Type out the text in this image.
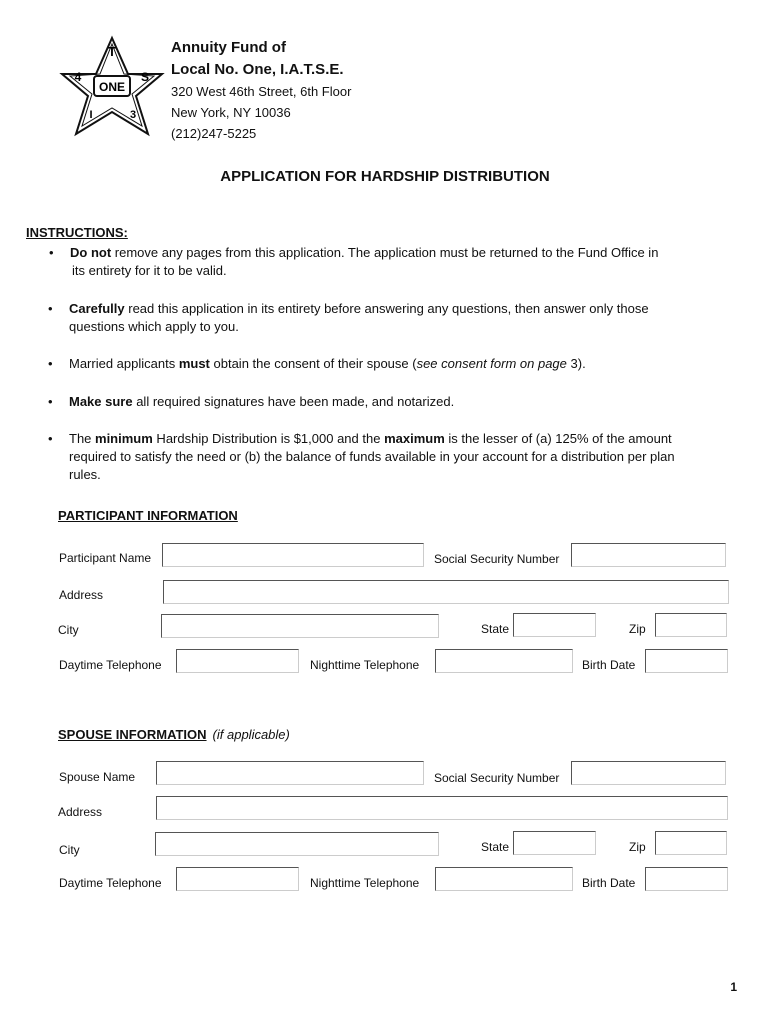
ONE
T
4	S
I	3
Annuity Fund of
Local No. One, I.A.T.S.E.
320 West 46th Street, 6th Floor
New York, NY 10036
(212)247-5225
APPLICATION FOR HARDSHIP DISTRIBUTION
INSTRUCTIONS:
• Do not remove any pages from this application. The application must be returned to the Fund Office in
its entirety for it to be valid.
• Carefully read this application in its entirety before answering any questions, then answer only those
questions which apply to you.
• Married applicants must obtain the consent of their spouse (see consent form on page 3).
• Make sure all required signatures have been made, and notarized.
• The minimum Hardship Distribution is $1,000 and the maximum is the lesser of (a) 125% of the amount
required to satisfy the need or (b) the balance of funds available in your account for a distribution per plan
rules.
PARTICIPANT INFORMATION
Participant Name	Social Security Number
Address
City	State	Zip
Daytime Telephone	Nighttime Telephone	Birth Date
SPOUSE INFORMATION (if applicable)
Spouse Name	Social Security Number
Address
City	State	Zip
Daytime Telephone	Nighttime Telephone	Birth Date
1
